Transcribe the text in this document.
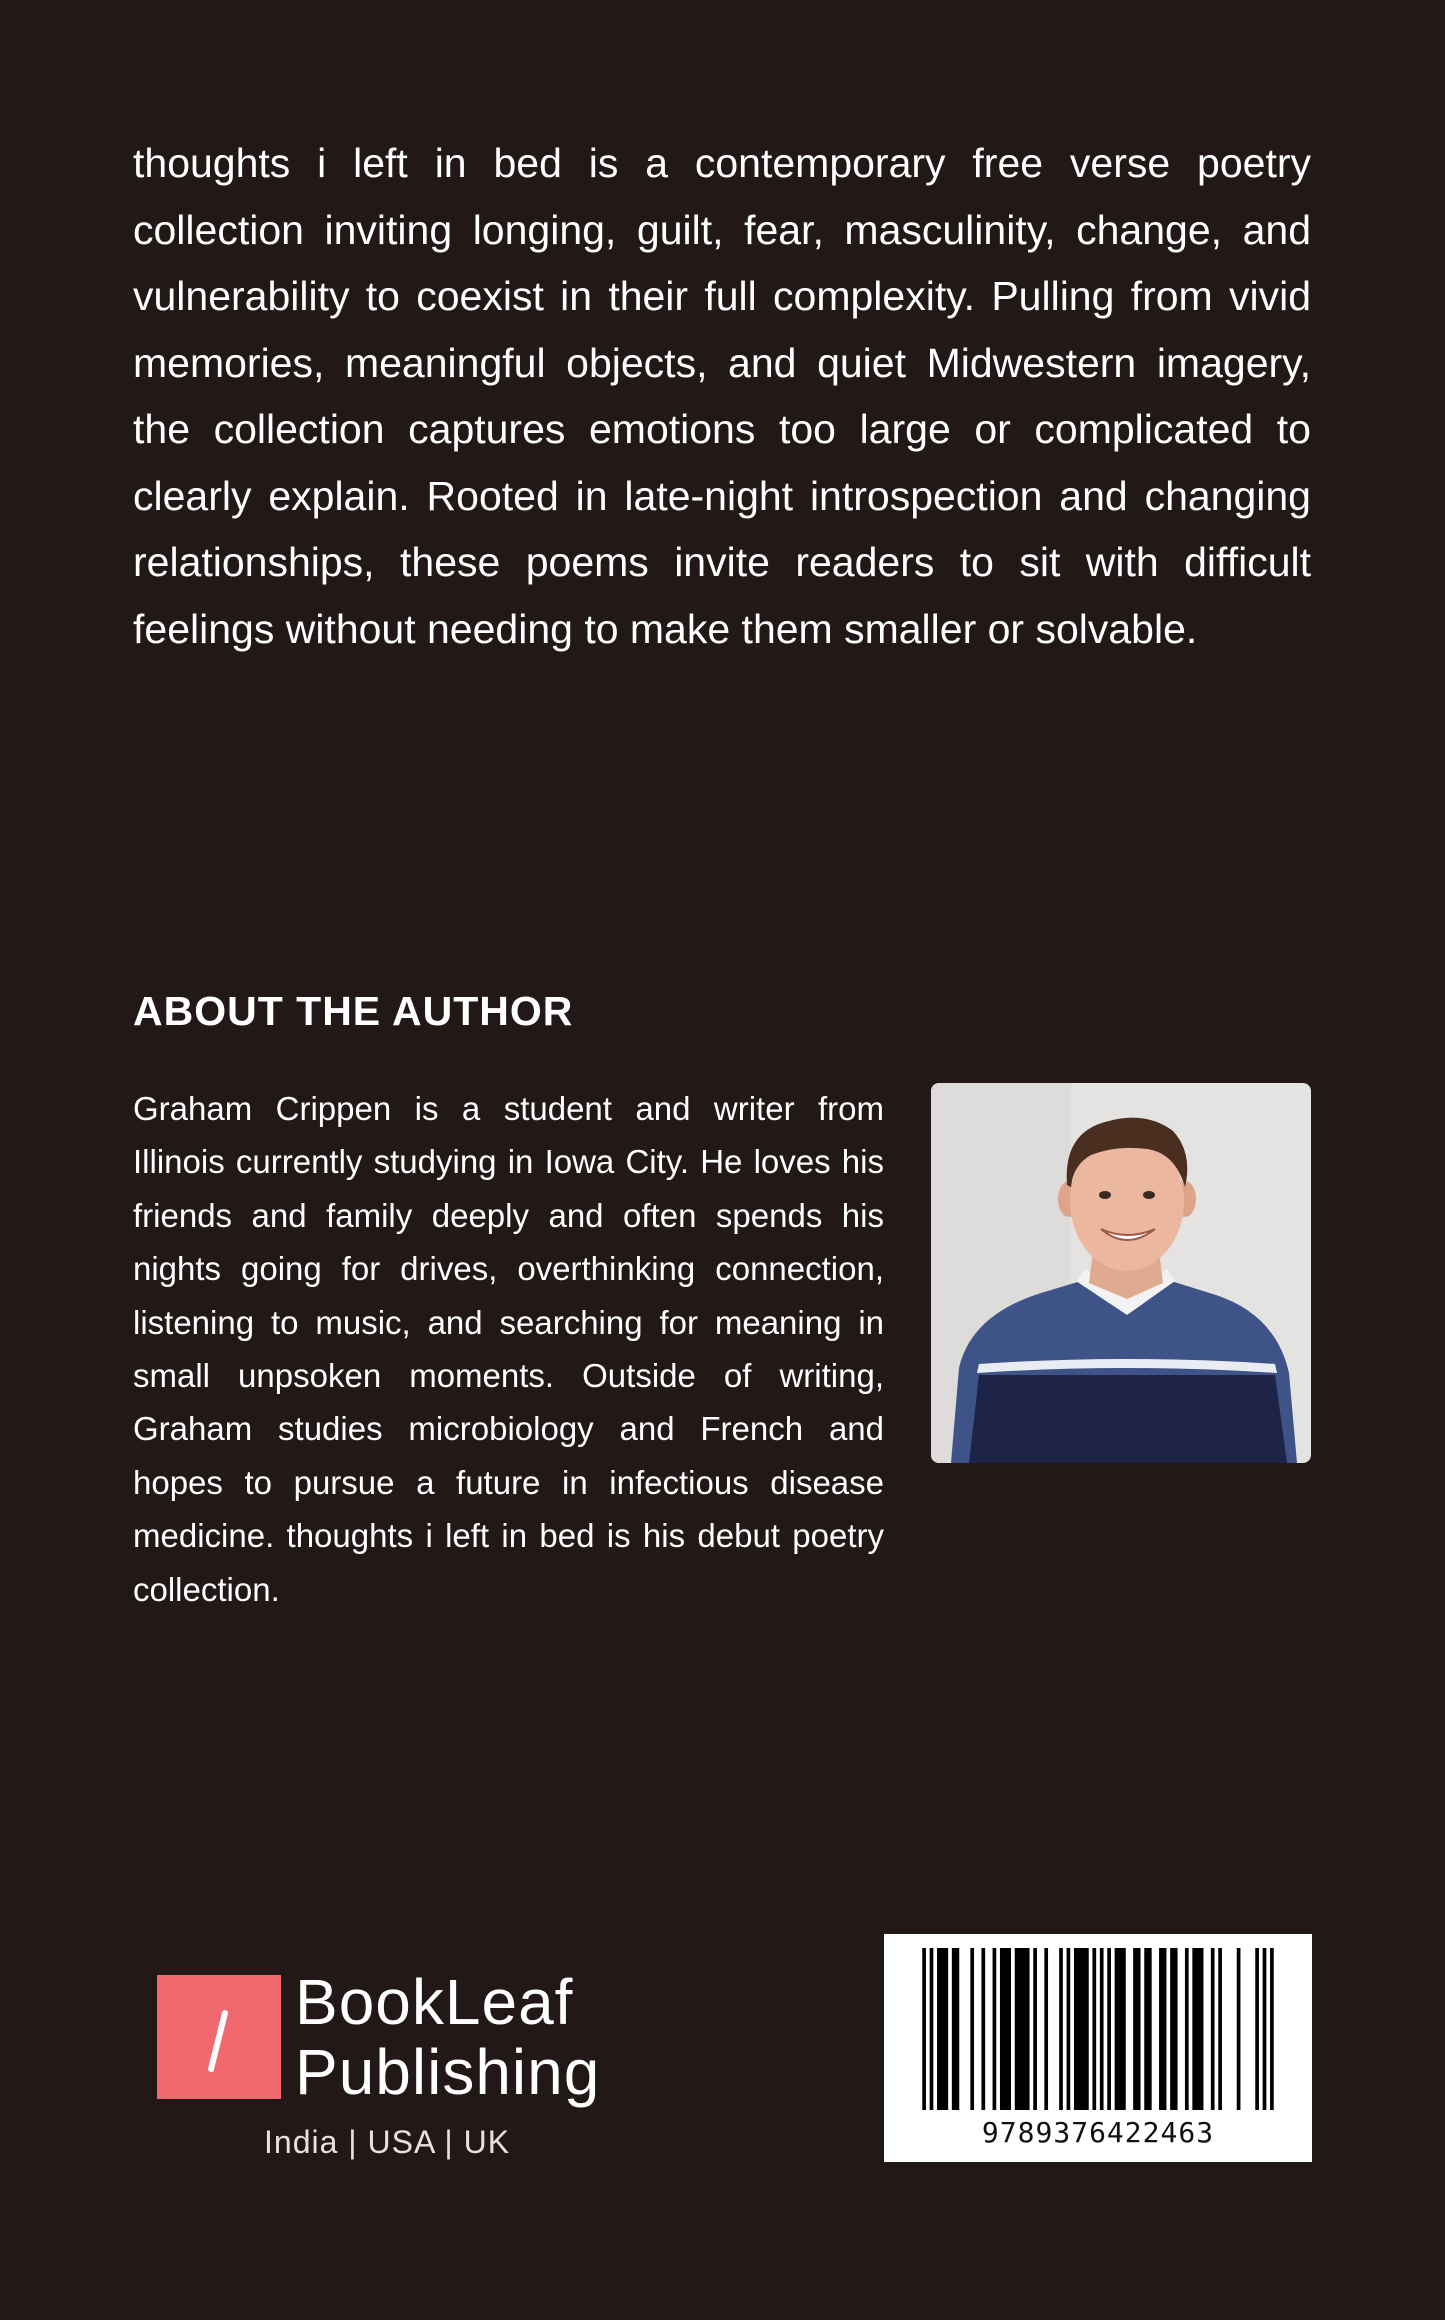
thoughts i left in bed is a contemporary free verse poetry collection inviting longing, guilt, fear, masculinity, change, and vulnerability to coexist in their full complexity. Pulling from vivid memories, meaningful objects, and quiet Midwestern imagery, the collection captures emotions too large or complicated to clearly explain. Rooted in late-night introspection and changing relationships, these poems invite readers to sit with difficult feelings without needing to make them smaller or solvable.

ABOUT THE AUTHOR

Graham Crippen is a student and writer from Illinois currently studying in Iowa City. He loves his friends and family deeply and often spends his nights going for drives, overthinking connection, listening to music, and searching for meaning in small unpsoken moments. Outside of writing, Graham studies microbiology and French and hopes to pursue a future in infectious disease medicine. thoughts i left in bed is his debut poetry collection.

BookLeaf
Publishing
India | USA | UK	9789376422463
